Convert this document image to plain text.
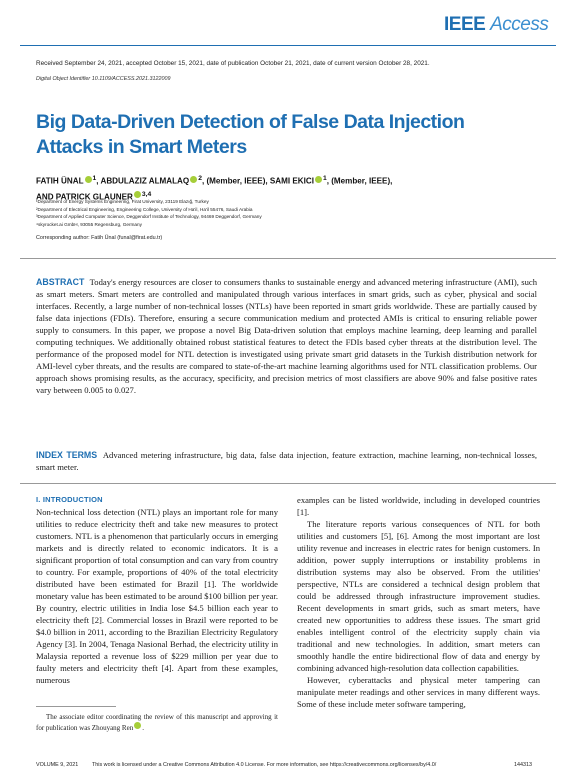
IEEE Access
Received September 24, 2021, accepted October 15, 2021, date of publication October 21, 2021, date of current version October 28, 2021.
Digital Object Identifier 10.1109/ACCESS.2021.3122009
Big Data-Driven Detection of False Data Injection Attacks in Smart Meters
FATIH ÜNAL $^1$, ABDULAZIZ ALMALAQ $^2$, (Member, IEEE), SAMI EKICI $^1$, (Member, IEEE),
AND PATRICK GLAUNER $^{3,4}$
¹Department of Energy Systems Engineering, Firat University, 23119 Elazığ, Turkey
²Department of Electrical Engineering, Engineering College, University of Ha'il, Ha'il 55476, Saudi Arabia
³Department of Applied Computer Science, Deggendorf Institute of Technology, 94469 Deggendorf, Germany
⁴skyrocket.ai GmbH, 93055 Regensburg, Germany
Corresponding author: Fatih Ünal (funal@firat.edu.tr)
ABSTRACT Today's energy resources are closer to consumers thanks to sustainable energy and advanced metering infrastructure (AMI), such as smart meters. Smart meters are controlled and manipulated through various interfaces in smart grids, such as cyber, physical and social interfaces. Recently, a large number of non-technical losses (NTLs) have been reported in smart grids worldwide. These are partially caused by false data injections (FDIs). Therefore, ensuring a secure communication medium and protected AMIs is critical to ensuring reliable power supply to consumers. In this paper, we propose a novel Big Data-driven solution that employs machine learning, deep learning and parallel computing techniques. We additionally obtained robust statistical features to detect the FDIs based cyber threats at the distribution level. The performance of the proposed model for NTL detection is investigated using private smart grid datasets in the Turkish distribution network for AMI-level cyber threats, and the results are compared to state-of-the-art machine learning algorithms used for NTL classification problems. Our approach shows promising results, as the accuracy, specificity, and precision metrics of most classifiers are above 90% and false positive rates vary between 0.005 to 0.027.
INDEX TERMS Advanced metering infrastructure, big data, false data injection, feature extraction, machine learning, non-technical losses, smart meter.
I. INTRODUCTION

Non-technical loss detection (NTL) plays an important role for many utilities to reduce electricity theft and take new measures to protect customers. NTL is a phenomenon that particularly occurs in emerging markets and is directly related to economic indicators. It is a significant proportion of total consumption and can vary from country to country. For example, proportions of 40% of the total electricity distributed have been estimated for Brazil [1]. The worldwide monetary value has been estimated to be around $100 billion per year. By country, electric utilities in India lose $4.5 billion each year to electricity theft [2]. Commercial losses in Brazil were reported to be $4.0 billion in 2011, according to the Brazilian Electricity Regulatory Agency [3]. In 2004, Tenaga Nasional Berhad, the electricity utility in Malaysia reported a revenue loss of $229 million per year due to faulty meters and electricity theft [4]. Apart from these examples, numerous

examples can be listed worldwide, including in developed countries [1].

The literature reports various consequences of NTL for both utilities and customers [5], [6]. Among the most important are lost utility revenue and increases in electric rates for benign customers. In addition, power supply interruptions or instability problems in distribution systems may also be observed. From the utilities' perspective, NTLs are considered a technical design problem that could be addressed through infrastructure improvement studies. Recent developments in smart grids, such as smart meters, have created new opportunities to address these issues. The smart grid enables intelligent control of the electricity supply chain via traditional and new technologies. In addition, smart meters can smoothly handle the entire bidirectional flow of data and energy by combining advanced high-resolution data collection capabilities.

However, cyberattacks and physical meter tampering can manipulate meter readings and other services in many different ways. Some of these include meter software tampering,

The associate editor coordinating the review of this manuscript and approving it for publication was Zhouyang Ren .

VOLUME 9, 2021	This work is licensed under a Creative Commons Attribution 4.0 License. For more information, see https://creativecommons.org/licenses/by/4.0/	144313
